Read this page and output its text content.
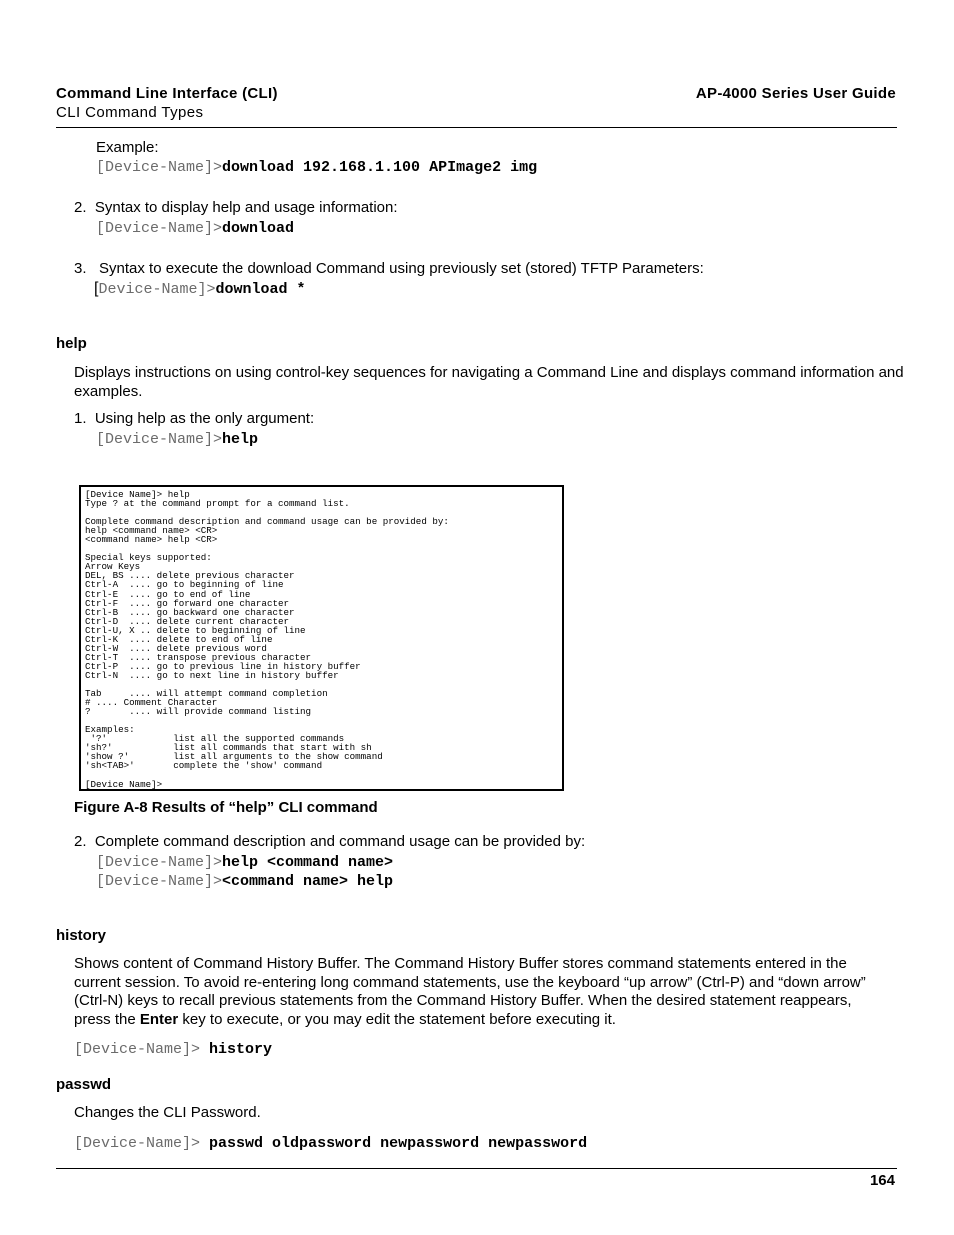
Command Line Interface (CLI)
CLI Command Types
AP-4000 Series User Guide
Example:
[Device-Name]>download 192.168.1.100 APImage2 img
2.  Syntax to display help and usage information:
[Device-Name]>download
3.   Syntax to execute the download Command using previously set (stored) TFTP Parameters:
[Device-Name]>download *
help
Displays instructions on using control-key sequences for navigating a Command Line and displays command information and examples.
1.  Using help as the only argument:
[Device-Name]>help
[Device Name]> help
Type ? at the command prompt for a command list.

Complete command description and command usage can be provided by:
help <command name> <CR>
<command name> help <CR>

Special keys supported:
Arrow Keys
DEL, BS .... delete previous character
Ctrl-A  .... go to beginning of line
Ctrl-E  .... go to end of line
Ctrl-F  .... go forward one character
Ctrl-B  .... go backward one character
Ctrl-D  .... delete current character
Ctrl-U, X .. delete to beginning of line
Ctrl-K  .... delete to end of line
Ctrl-W  .... delete previous word
Ctrl-T  .... transpose previous character
Ctrl-P  .... go to previous line in history buffer
Ctrl-N  .... go to next line in history buffer

Tab     .... will attempt command completion
# .... Comment Character
?       .... will provide command listing

Examples:
'?'            list all the supported commands
'sh?'           list all commands that start with sh
'show ?'        list all arguments to the show command
'sh<TAB>'       complete the 'show' command

[Device Name]>
Figure A-8 Results of “help” CLI command
2.  Complete command description and command usage can be provided by:
[Device-Name]>help <command name>
[Device-Name]><command name> help
history
Shows content of Command History Buffer. The Command History Buffer stores command statements entered in the
current session. To avoid re-entering long command statements, use the keyboard “up arrow” (Ctrl-P) and “down arrow”
(Ctrl-N) keys to recall previous statements from the Command History Buffer. When the desired statement reappears,
press the Enter key to execute, or you may edit the statement before executing it.
[Device-Name]> history
passwd
Changes the CLI Password.
[Device-Name]> passwd oldpassword newpassword newpassword
164
